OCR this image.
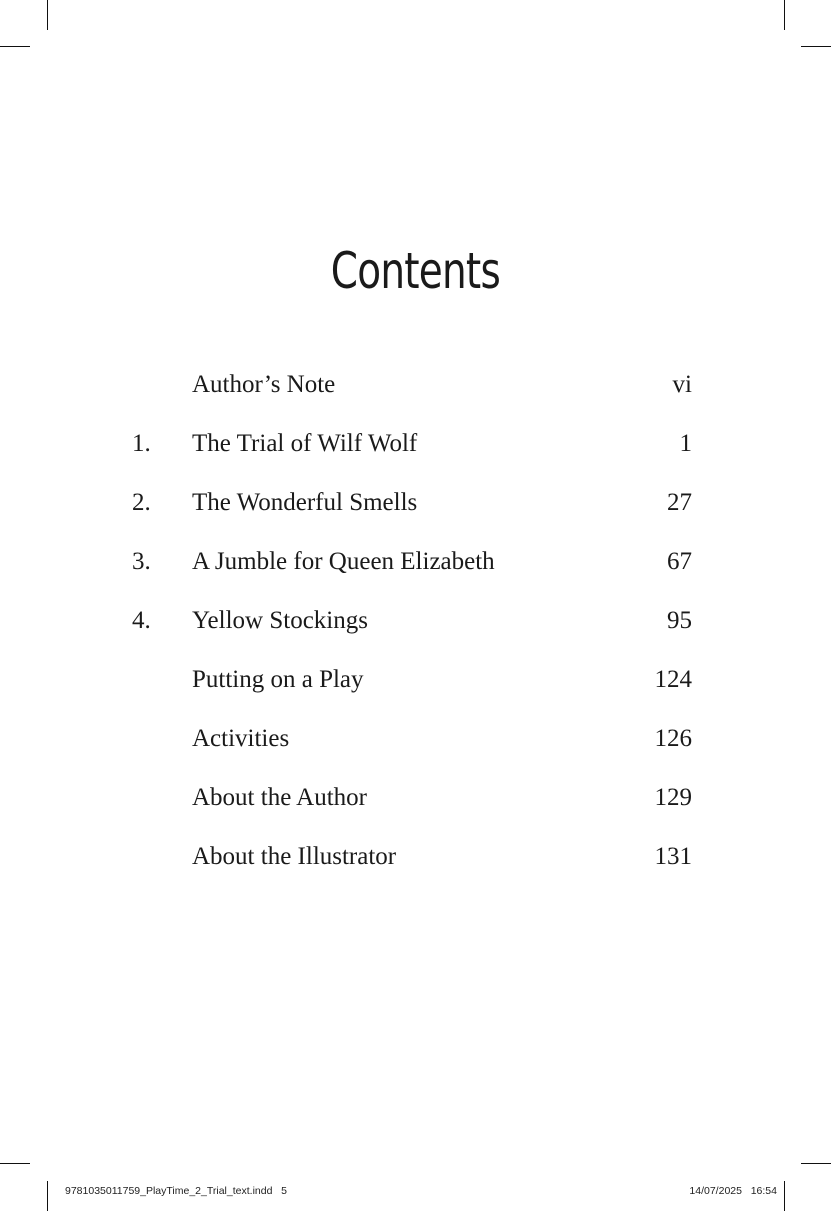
Contents
Author’s Note	vi
1. The Trial of Wilf Wolf	1
2. The Wonderful Smells	27
3. A Jumble for Queen Elizabeth	67
4. Yellow Stockings	95
Putting on a Play	124
Activities	126
About the Author	129
About the Illustrator	131
9781035011759_PlayTime_2_Trial_text.indd   5	14/07/2025   16:54
